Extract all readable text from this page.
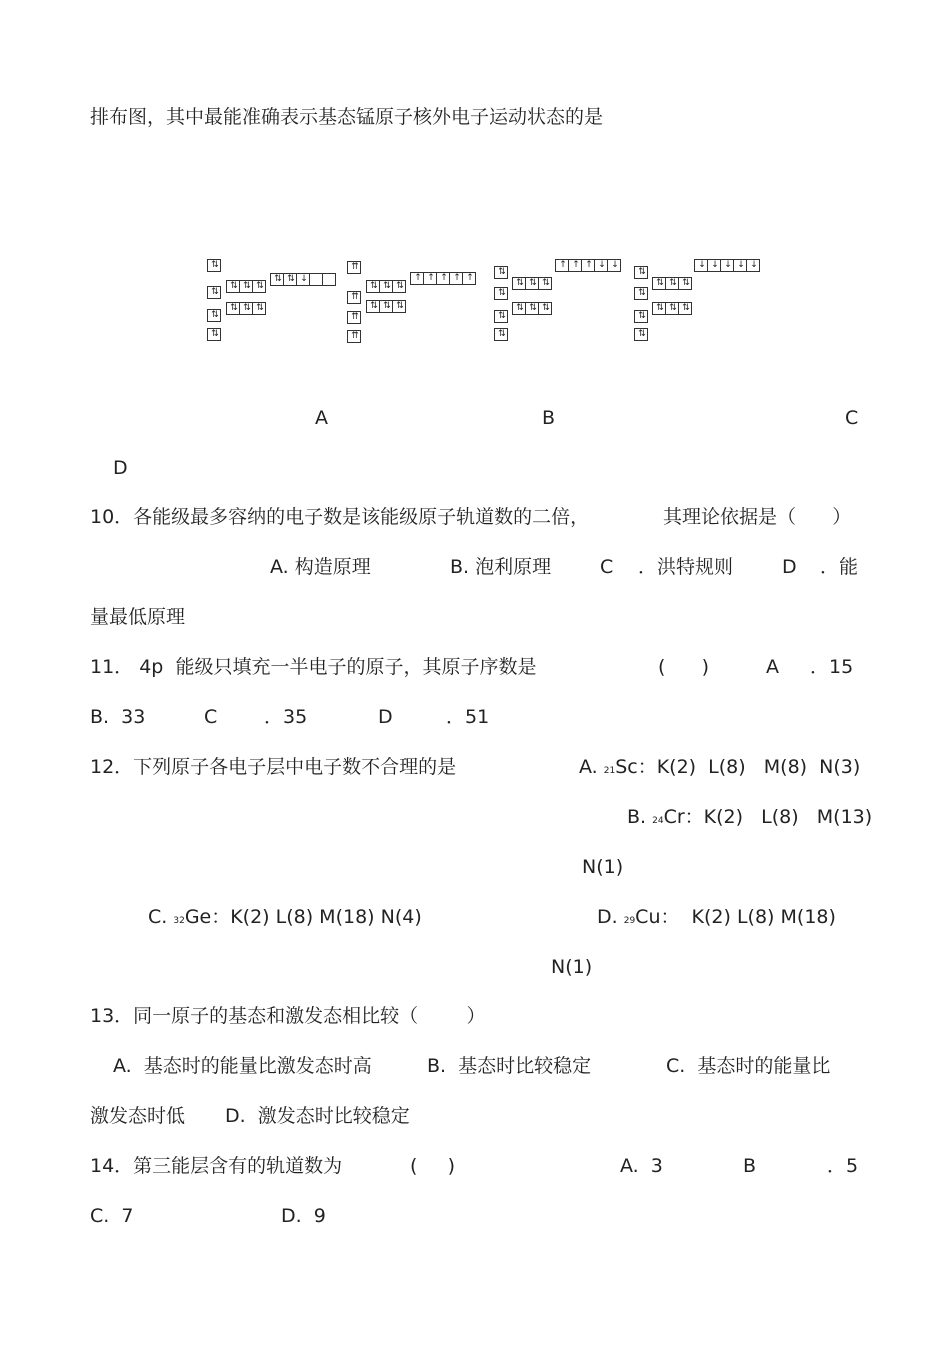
排布图，其中最能准确表示基态锰原子核外电子运动状态的是
⇅
⇅
⇅
⇅
⇅ ⇅ ⇅
⇅ ⇅ ⇅
⇅ ⇅ ↓
⇈
⇈
⇈
⇈
⇅ ⇅ ⇅
⇅ ⇅ ⇅
↑ ↑ ↑ ↑ ↑
⇅
⇅
⇅
⇅
⇅ ⇅ ⇅
⇅ ⇅ ⇅
↑ ↑ ↑ ↓ ↓
⇅
⇅
⇅
⇅
⇅ ⇅ ⇅
⇅ ⇅ ⇅
↓ ↓ ↓ ↓ ↓
A	B	C
D
10．各能级最多容纳的电子数是该能级原子轨道数的二倍，	其理论依据是（      ）
A. 构造原理	B. 泡利原理	C ．洪特规则	D ．能
量最低原理
11． 4p  能级只填充一半电子的原子，其原子序数是	(      )	A ．15
B.  33	C ．35	D	．51
12．下列原子各电子层中电子数不合理的是	A. 21Sc：K(2)  L(8)   M(8)  N(3)
B. 24Cr：K(2)   L(8)   M(13)
N(1)
C. 32Ge：K(2) L(8) M(18) N(4)	D. 29Cu：  K(2) L(8) M(18)
N(1)
13．同一原子的基态和激发态相比较（        ）
A.  基态时的能量比激发态时高	B.  基态时比较稳定	C.  基态时的能量比
激发态时低 D.  激发态时比较稳定
14．第三能层含有的轨道数为	(     )	A.  3	B	．5
C.  7	D.  9
